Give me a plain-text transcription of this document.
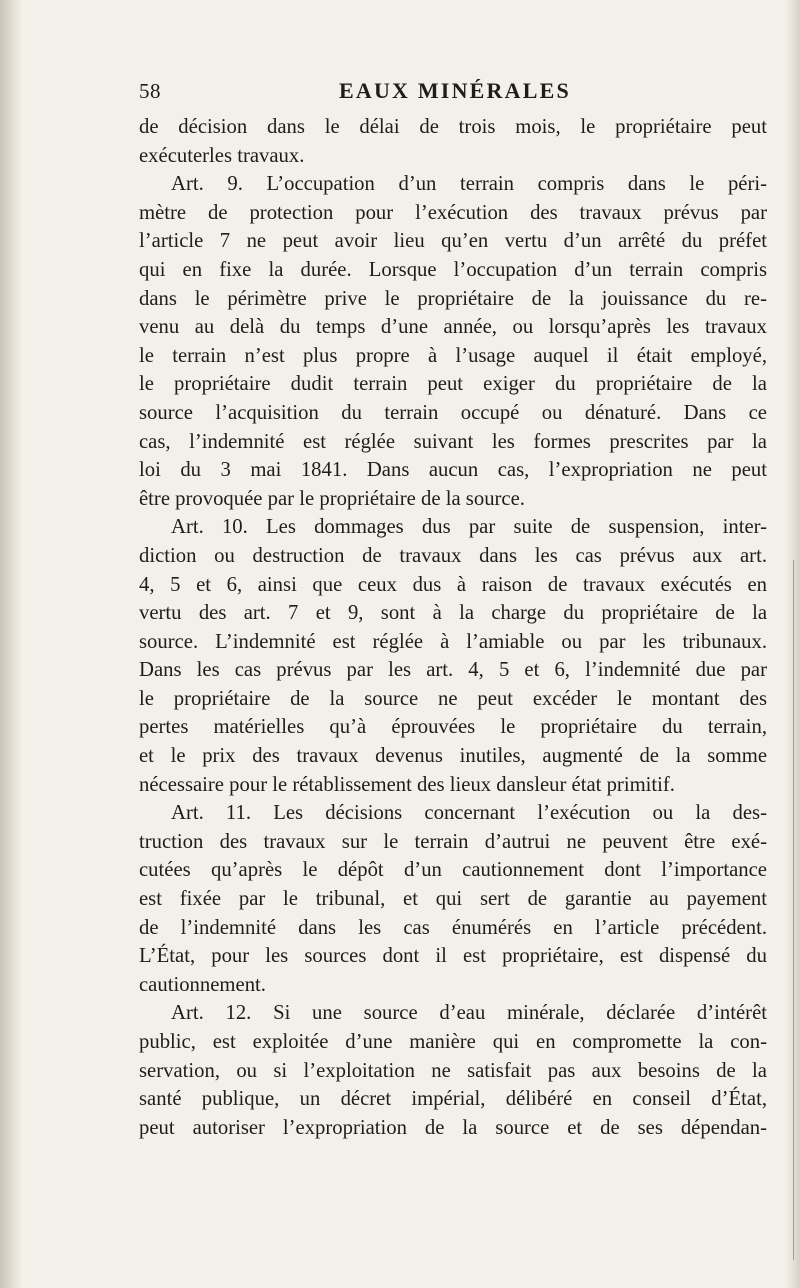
58	EAUX MINÉRALES
de décision dans le délai de trois mois, le propriétaire peut
exécuterles travaux.
Art. 9. L’occupation d’un terrain compris dans le péri-
mètre de protection pour l’exécution des travaux prévus par
l’article 7 ne peut avoir lieu qu’en vertu d’un arrêté du préfet
qui en fixe la durée. Lorsque l’occupation d’un terrain compris
dans le périmètre prive le propriétaire de la jouissance du re-
venu au delà du temps d’une année, ou lorsqu’après les travaux
le terrain n’est plus propre à l’usage auquel il était employé,
le propriétaire dudit terrain peut exiger du propriétaire de la
source l’acquisition du terrain occupé ou dénaturé. Dans ce
cas, l’indemnité est réglée suivant les formes prescrites par la
loi du 3 mai 1841. Dans aucun cas, l’expropriation ne peut
être provoquée par le propriétaire de la source.
Art. 10. Les dommages dus par suite de suspension, inter-
diction ou destruction de travaux dans les cas prévus aux art.
4, 5 et 6, ainsi que ceux dus à raison de travaux exécutés en
vertu des art. 7 et 9, sont à la charge du propriétaire de la
source. L’indemnité est réglée à l’amiable ou par les tribunaux.
Dans les cas prévus par les art. 4, 5 et 6, l’indemnité due par
le propriétaire de la source ne peut excéder le montant des
pertes matérielles qu’à éprouvées le propriétaire du terrain,
et le prix des travaux devenus inutiles, augmenté de la somme
nécessaire pour le rétablissement des lieux dansleur état primitif.
Art. 11. Les décisions concernant l’exécution ou la des-
truction des travaux sur le terrain d’autrui ne peuvent être exé-
cutées qu’après le dépôt d’un cautionnement dont l’importance
est fixée par le tribunal, et qui sert de garantie au payement
de l’indemnité dans les cas énumérés en l’article précédent.
L’État, pour les sources dont il est propriétaire, est dispensé du
cautionnement.
Art. 12. Si une source d’eau minérale, déclarée d’intérêt
public, est exploitée d’une manière qui en compromette la con-
servation, ou si l’exploitation ne satisfait pas aux besoins de la
santé publique, un décret impérial, délibéré en conseil d’État,
peut autoriser l’expropriation de la source et de ses dépendan-
